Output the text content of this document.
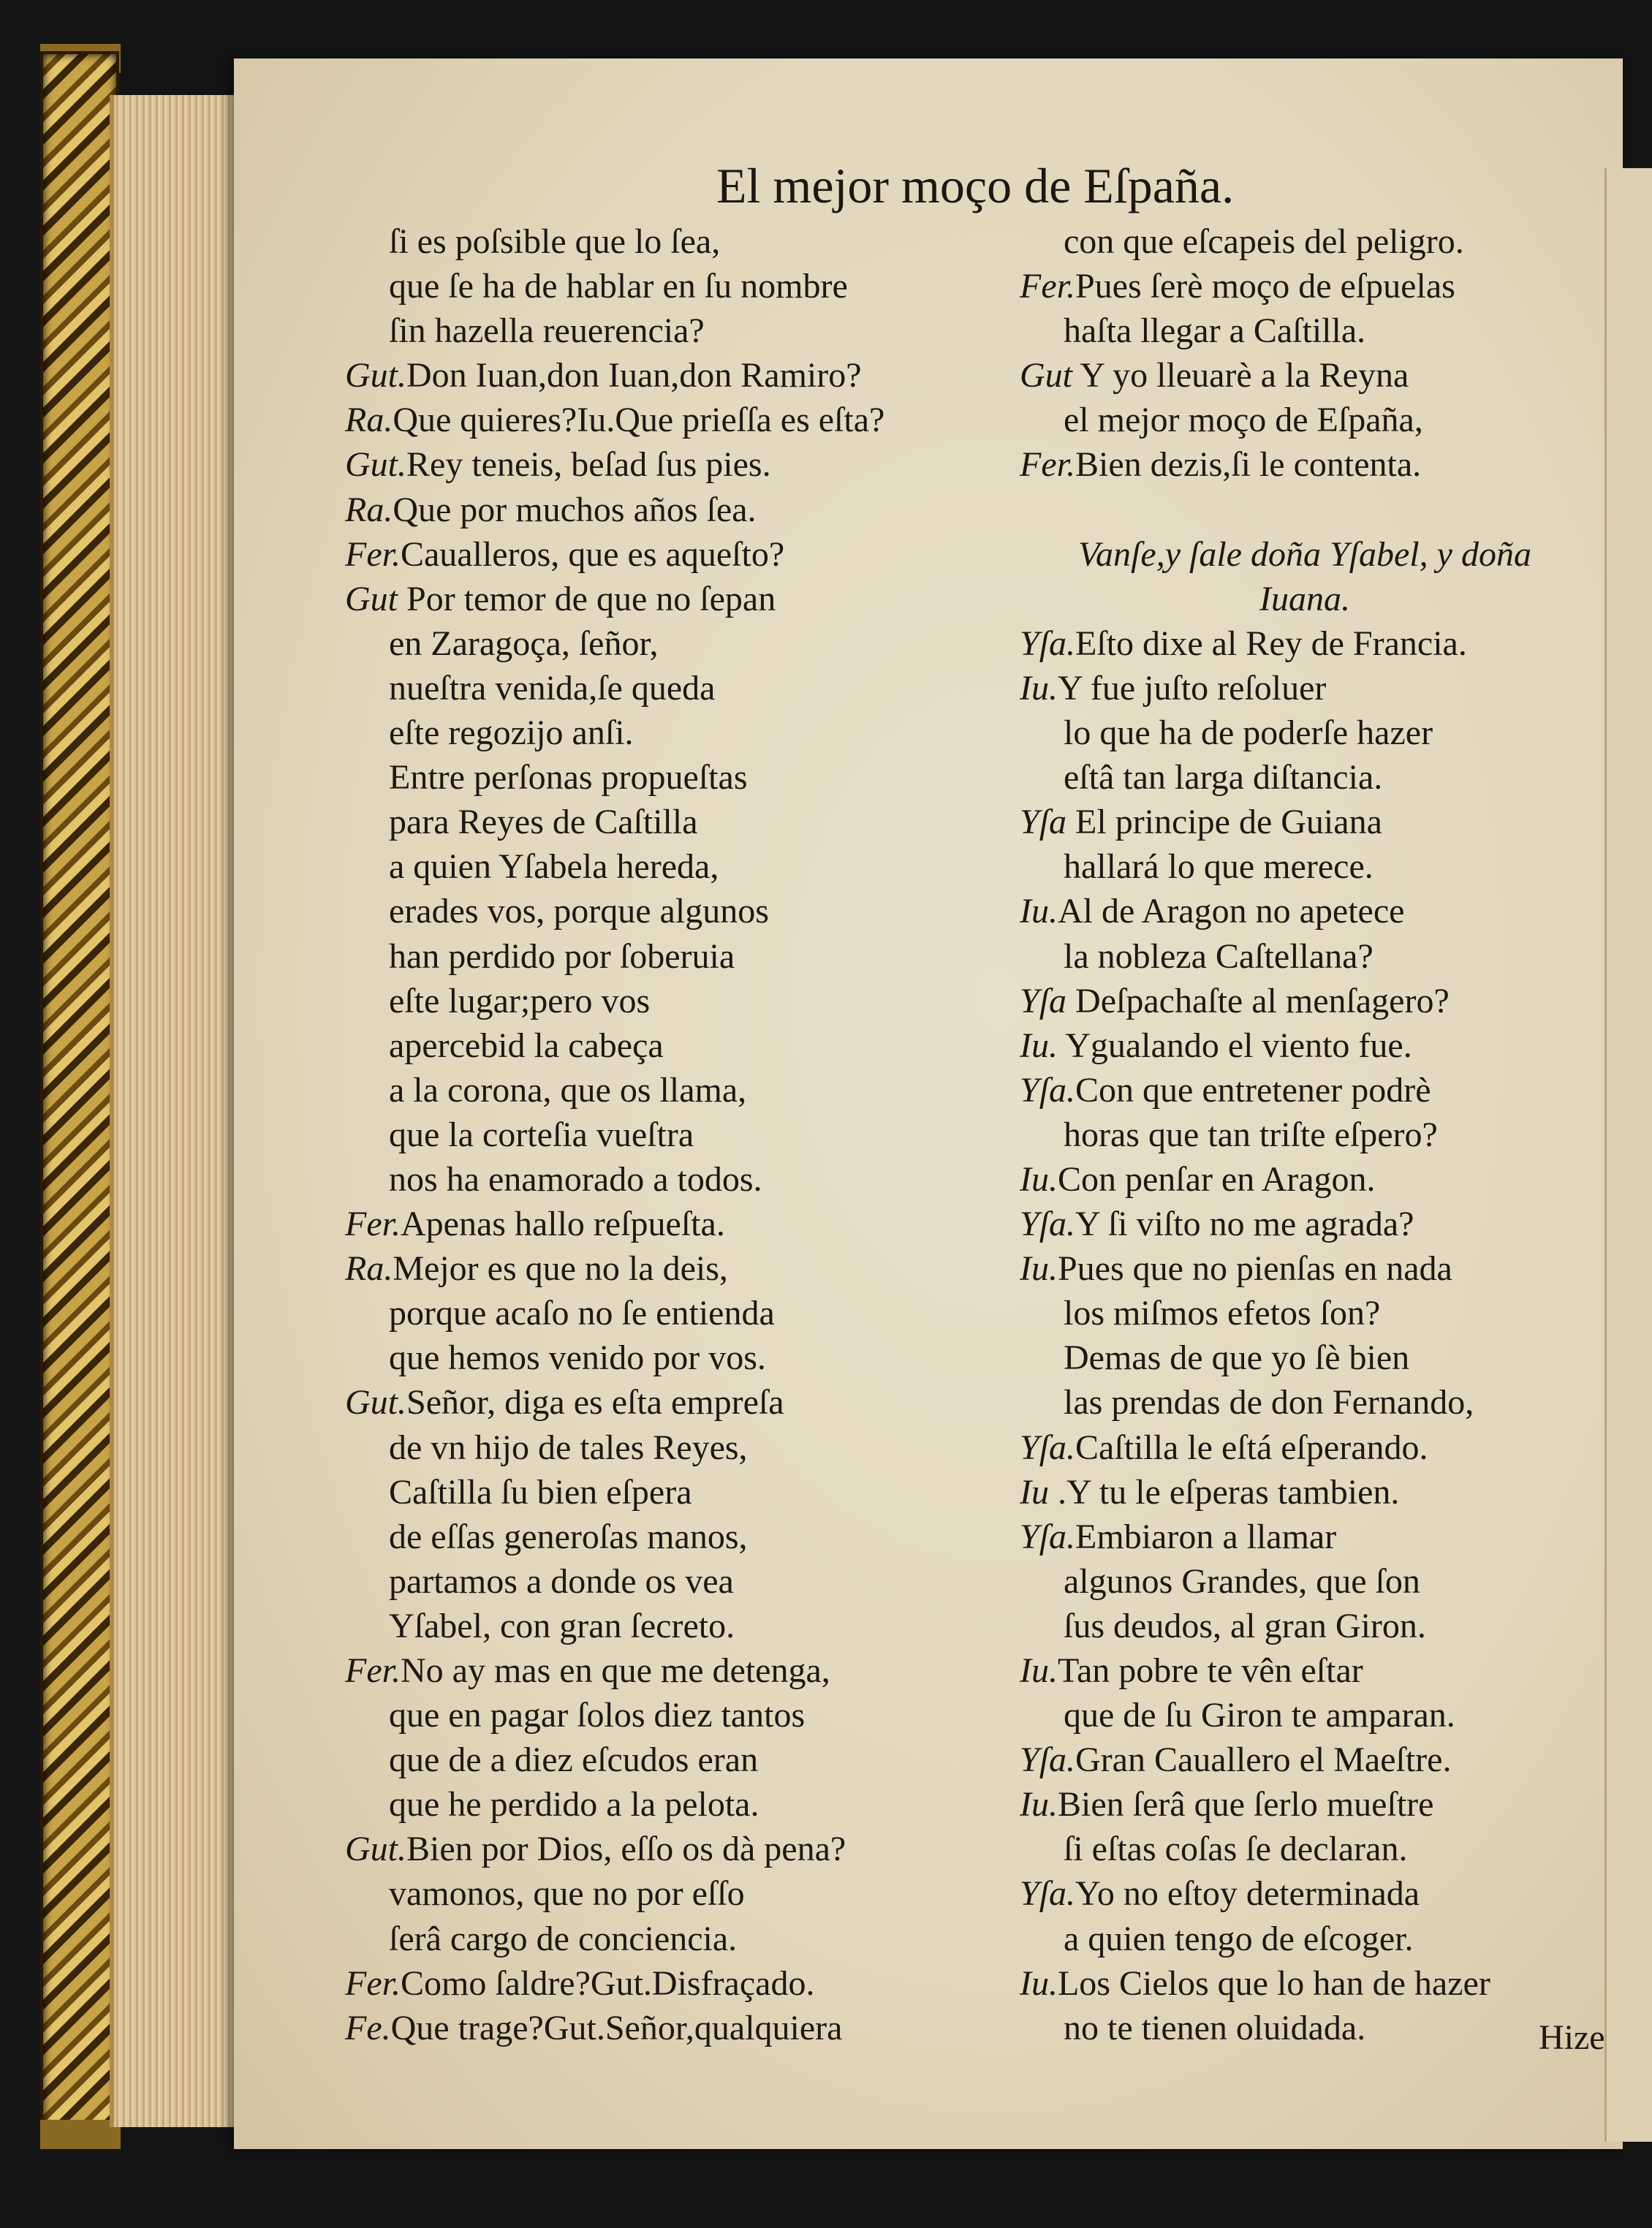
El mejor moço de Eſpaña.
ſi es poſsible que lo ſea,
que ſe ha de hablar en ſu nombre
ſin hazella reuerencia?
Gut.Don Iuan,don Iuan,don Ramiro?
Ra.Que quieres?Iu.Que prieſſa es eſta?
Gut.Rey teneis, beſad ſus pies.
Ra.Que por muchos años ſea.
Fer.Caualleros, que es aqueſto?
Gut Por temor de que no ſepan
en Zaragoça, ſeñor,
nueſtra venida,ſe queda
eſte regozijo anſi.
Entre perſonas propueſtas
para Reyes de Caſtilla
a quien Yſabela hereda,
erades vos, porque algunos
han perdido por ſoberuia
eſte lugar;pero vos
apercebid la cabeça
a la corona, que os llama,
que la corteſia vueſtra
nos ha enamorado a todos.
Fer.Apenas hallo reſpueſta.
Ra.Mejor es que no la deis,
porque acaſo no ſe entienda
que hemos venido por vos.
Gut.Señor, diga es eſta empreſa
de vn hijo de tales Reyes,
Caſtilla ſu bien eſpera
de eſſas generoſas manos,
partamos a donde os vea
Yſabel, con gran ſecreto.
Fer.No ay mas en que me detenga,
que en pagar ſolos diez tantos
que de a diez eſcudos eran
que he perdido a la pelota.
Gut.Bien por Dios, eſſo os dà pena?
vamonos, que no por eſſo
ſerâ cargo de conciencia.
Fer.Como ſaldre?Gut.Disfraçado.
Fe.Que trage?Gut.Señor,qualquiera
con que eſcapeis del peligro.
Fer.Pues ſerè moço de eſpuelas
haſta llegar a Caſtilla.
Gut Y yo lleuarè a la Reyna
el mejor moço de Eſpaña,
Fer.Bien dezis,ſi le contenta.
Vanſe,y ſale doña Yſabel, y doña
Iuana.
Yſa.Eſto dixe al Rey de Francia.
Iu.Y fue juſto reſoluer
lo que ha de poderſe hazer
eſtâ tan larga diſtancia.
Yſa El principe de Guiana
hallará lo que merece.
Iu.Al de Aragon no apetece
la nobleza Caſtellana?
Yſa Deſpachaſte al menſagero?
Iu. Ygualando el viento fue.
Yſa.Con que entretener podrè
horas que tan triſte eſpero?
Iu.Con penſar en Aragon.
Yſa.Y ſi viſto no me agrada?
Iu.Pues que no pienſas en nada
los miſmos efetos ſon?
Demas de que yo ſè bien
las prendas de don Fernando,
Yſa.Caſtilla le eſtá eſperando.
Iu .Y tu le eſperas tambien.
Yſa.Embiaron a llamar
algunos Grandes, que ſon
ſus deudos, al gran Giron.
Iu.Tan pobre te vên eſtar
que de ſu Giron te amparan.
Yſa.Gran Cauallero el Maeſtre.
Iu.Bien ſerâ que ſerlo mueſtre
ſi eſtas coſas ſe declaran.
Yſa.Yo no eſtoy determinada
a quien tengo de eſcoger.
Iu.Los Cielos que lo han de hazer
no te tienen oluidada.	Hize
